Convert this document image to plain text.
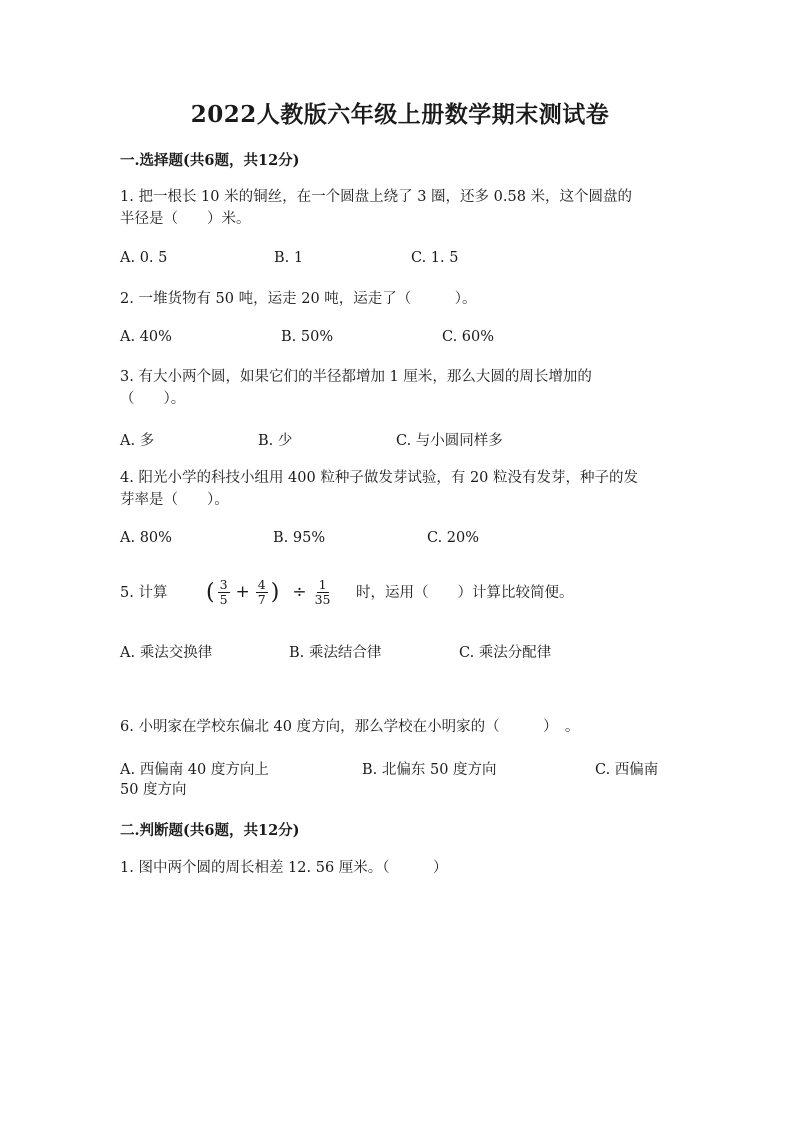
2022人教版六年级上册数学期末测试卷
一.选择题(共6题，共12分)
1. 把一根长 10 米的铜丝，在一个圆盘上绕了 3 圈，还多 0.58 米，这个圆盘的
半径是（　　）米。
A. 0. 5	B. 1	C. 1. 5
2. 一堆货物有 50 吨，运走 20 吨，运走了（　　　）。
A. 40%	B. 50%	C. 60%
3. 有大小两个圆，如果它们的半径都增加 1 厘米，那么大圆的周长增加的
（　　）。
A. 多	B. 少	C. 与小圆同样多
4. 阳光小学的科技小组用 400 粒种子做发芽试验，有 20 粒没有发芽，种子的发
芽率是（　　）。
A. 80%	B. 95%	C. 20%
5. 计算 ( $\frac{3}{5} + \frac{4}{7}$ ) ÷ $\frac{1}{35}$ 时，运用（　　）计算比较简便。
A. 乘法交换律	B. 乘法结合律	C. 乘法分配律
6. 小明家在学校东偏北 40 度方向，那么学校在小明家的（　　　）　。
A. 西偏南 40 度方向上	B. 北偏东 50 度方向	C. 西偏南
50 度方向
二.判断题(共6题，共12分)
1. 图中两个圆的周长相差 12. 56 厘米。（　　　）
